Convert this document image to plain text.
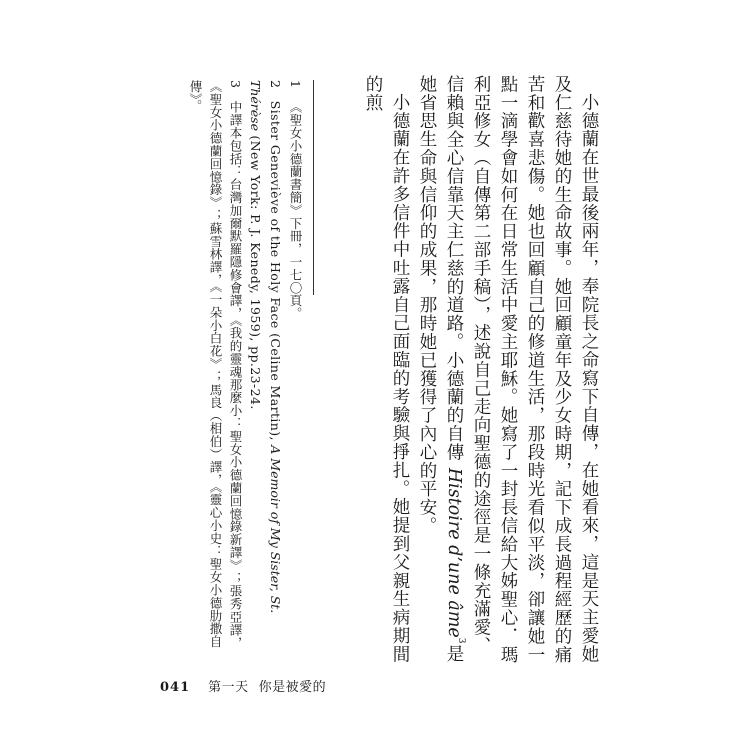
小德蘭在世最後兩年，奉院長之命寫下自傳，在她看來，這是天主愛她及仁慈待她的生命故事。她回顧童年及少女時期，記下成長過程經歷的痛苦和歡喜悲傷。她也回顧自己的修道生活，那段時光看似平淡，卻讓她一點一滴學會如何在日常生活中愛主耶穌。她寫了一封長信給大姊聖心．瑪利亞修女（自傳第二部手稿），述說自己走向聖德的途徑是一條充滿愛、信賴與全心信靠天主仁慈的道路。小德蘭的自傳 Histoire d’une âme$^3$是她省思生命與信仰的成果，那時她已獲得了內心的平安。

小德蘭在許多信件中吐露自己面臨的考驗與掙扎。她提到父親生病期間的煎

1 《聖女小德蘭書簡》下冊，一七〇頁。
2 Sister Geneviève of the Holy Face (Celine Martin), A Memoir of My Sister, St. Thérèse (New York: P. J. Kenedy, 1959), pp.23-24.
3 中譯本包括：台灣加爾默羅隱修會譯，《我的靈魂那麼小：聖女小德蘭回憶錄新譯》；張秀亞譯，《聖女小德蘭回憶錄》；蘇雪林譯，《一朵小白花》；馬良（相伯）譯，《靈心小史：聖女小德肋撒自傳》。
041 第一天 你是被愛的
